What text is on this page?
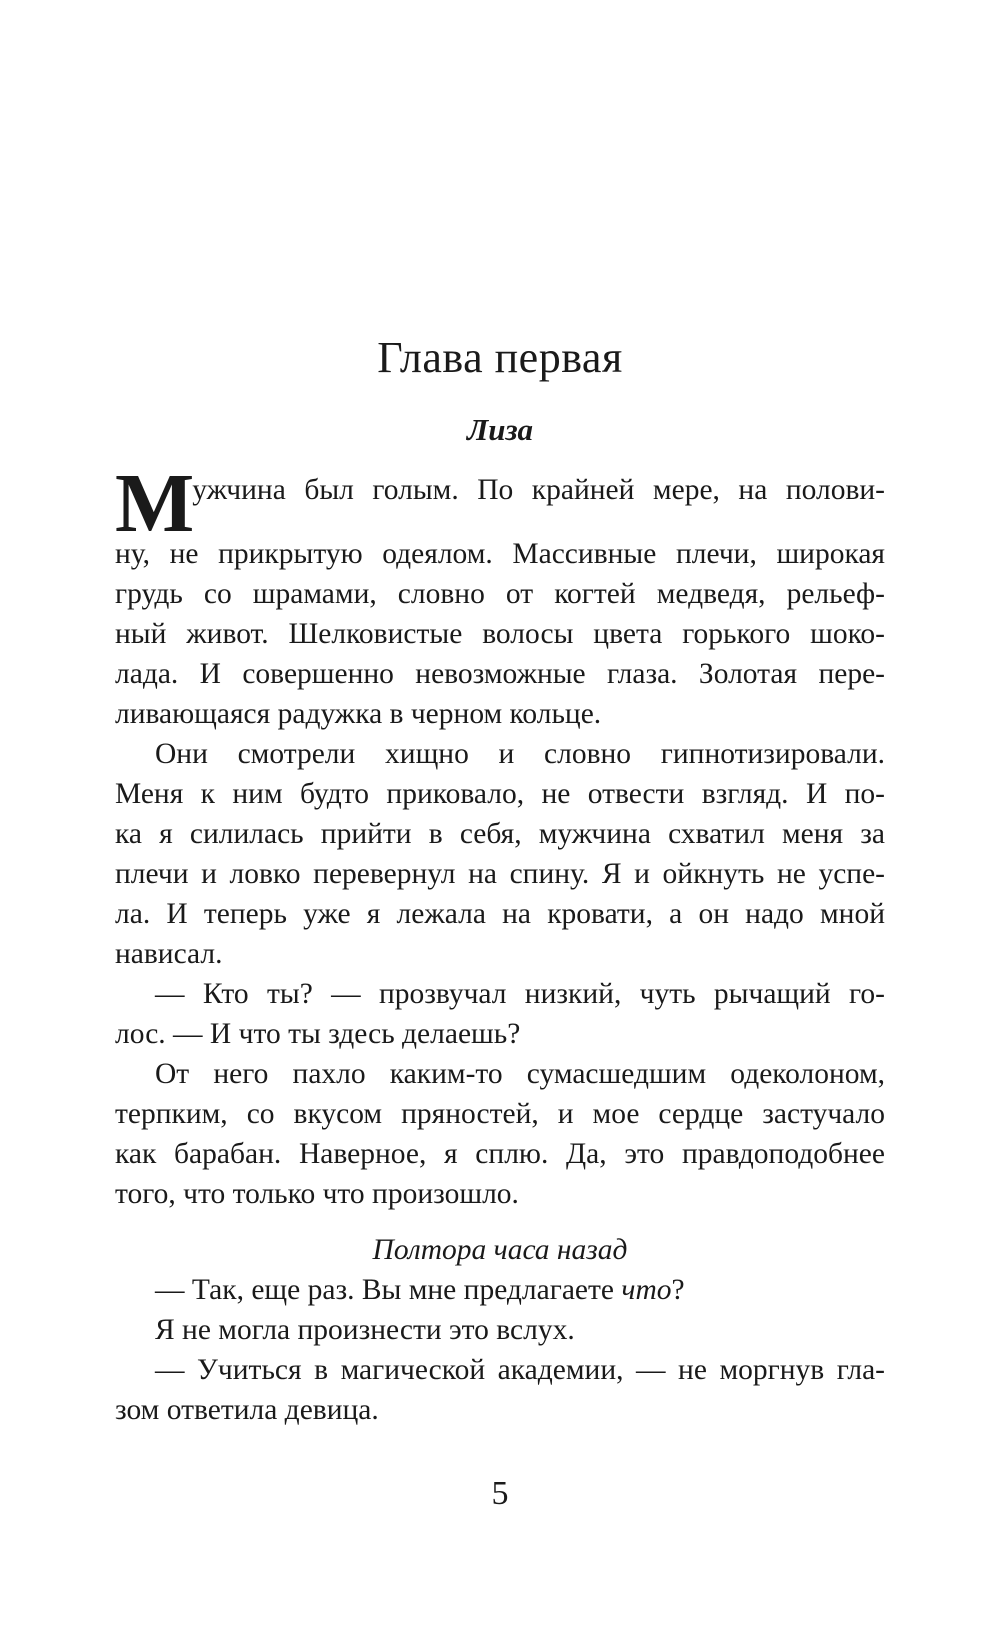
Глава первая
Лиза
М ужчина был голым. По крайней мере, на полови-
ну, не прикрытую одеялом. Массивные плечи, широкая
грудь со шрамами, словно от когтей медведя, рельеф-
ный живот. Шелковистые волосы цвета горького шоко-
лада. И совершенно невозможные глаза. Золотая пере-
ливающаяся радужка в черном кольце.
Они смотрели хищно и словно гипнотизировали.
Меня к ним будто приковало, не отвести взгляд. И по-
ка я силилась прийти в себя, мужчина схватил меня за
плечи и ловко перевернул на спину. Я и ойкнуть не успе-
ла. И теперь уже я лежала на кровати, а он надо мной
нависал.
— Кто ты? — прозвучал низкий, чуть рычащий го-
лос. — И что ты здесь делаешь?
От него пахло каким-то сумасшедшим одеколоном,
терпким, со вкусом пряностей, и мое сердце застучало
как барабан. Наверное, я сплю. Да, это правдоподобнее
того, что только что произошло.
Полтора часа назад
— Так, еще раз. Вы мне предлагаете что?
Я не могла произнести это вслух.
— Учиться в магической академии, — не моргнув гла-
зом ответила девица.
5
